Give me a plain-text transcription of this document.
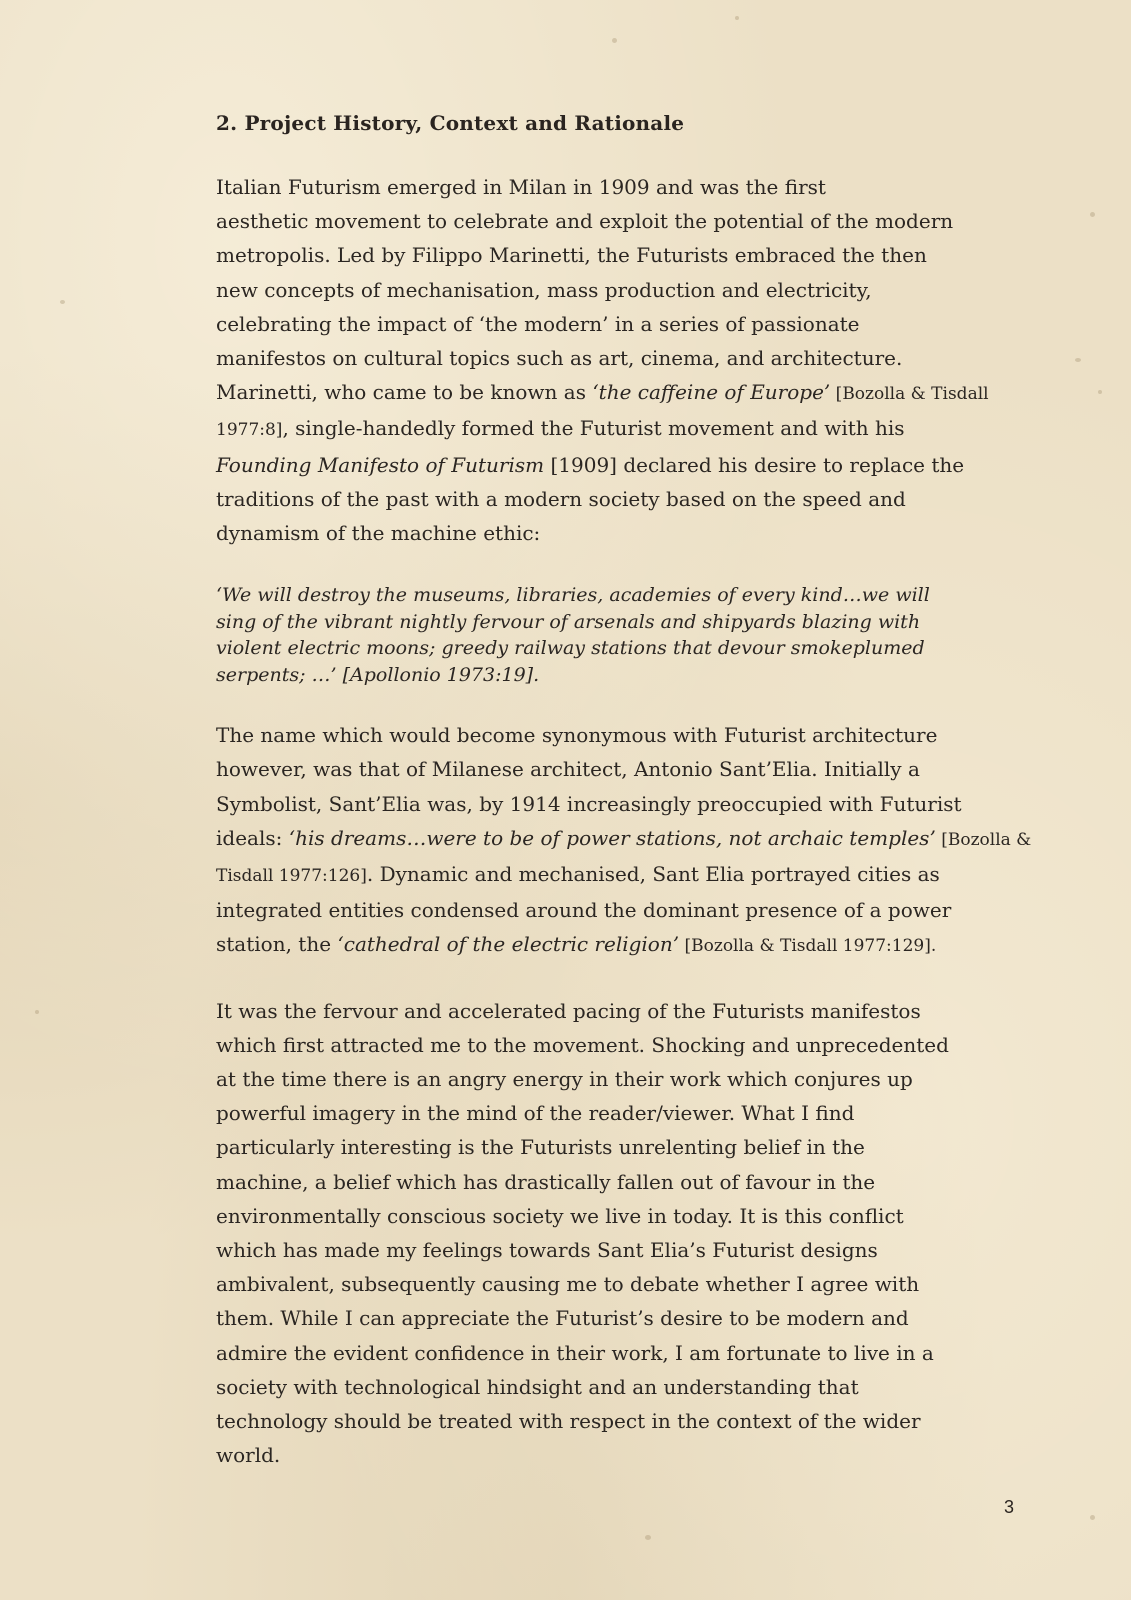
2. Project History, Context and Rationale

Italian Futurism emerged in Milan in 1909 and was the first
aesthetic movement to celebrate and exploit the potential of the modern
metropolis. Led by Filippo Marinetti, the Futurists embraced the then
new concepts of mechanisation, mass production and electricity,
celebrating the impact of ‘the modern’ in a series of passionate
manifestos on cultural topics such as art, cinema, and architecture.
Marinetti, who came to be known as ‘the caffeine of Europe’ [Bozolla & Tisdall
1977:8], single-handedly formed the Futurist movement and with his
Founding Manifesto of Futurism [1909] declared his desire to replace the
traditions of the past with a modern society based on the speed and
dynamism of the machine ethic:

‘We will destroy the museums, libraries, academies of every kind…we will
sing of the vibrant nightly fervour of arsenals and shipyards blazing with
violent electric moons; greedy railway stations that devour smokeplumed
serpents; …’ [Apollonio 1973:19].

The name which would become synonymous with Futurist architecture
however, was that of Milanese architect, Antonio Sant’Elia. Initially a
Symbolist, Sant’Elia was, by 1914 increasingly preoccupied with Futurist
ideals: ‘his dreams…were to be of power stations, not archaic temples’ [Bozolla &
Tisdall 1977:126]. Dynamic and mechanised, Sant Elia portrayed cities as
integrated entities condensed around the dominant presence of a power
station, the ‘cathedral of the electric religion’ [Bozolla & Tisdall 1977:129].

It was the fervour and accelerated pacing of the Futurists manifestos
which first attracted me to the movement. Shocking and unprecedented
at the time there is an angry energy in their work which conjures up
powerful imagery in the mind of the reader/viewer. What I find
particularly interesting is the Futurists unrelenting belief in the
machine, a belief which has drastically fallen out of favour in the
environmentally conscious society we live in today. It is this conflict
which has made my feelings towards Sant Elia’s Futurist designs
ambivalent, subsequently causing me to debate whether I agree with
them. While I can appreciate the Futurist’s desire to be modern and
admire the evident confidence in their work, I am fortunate to live in a
society with technological hindsight and an understanding that
technology should be treated with respect in the context of the wider
world.

3
